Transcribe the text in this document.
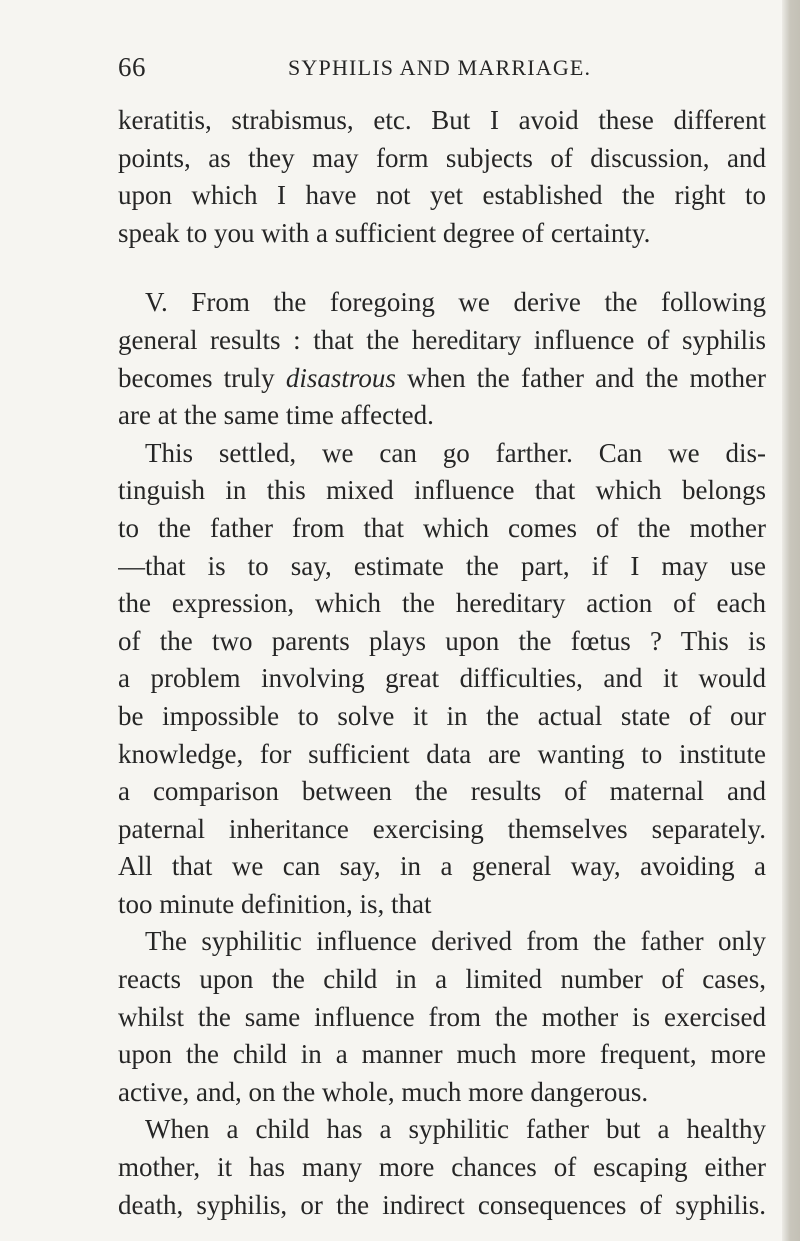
66	SYPHILIS AND MARRIAGE.
keratitis, strabismus, etc. But I avoid these different
points, as they may form subjects of discussion, and
upon which I have not yet established the right to
speak to you with a sufficient degree of certainty.
V. From the foregoing we derive the following
general results : that the hereditary influence of syphilis
becomes truly disastrous when the father and the mother
are at the same time affected.
This settled, we can go farther. Can we dis-
tinguish in this mixed influence that which belongs
to the father from that which comes of the mother
—that is to say, estimate the part, if I may use
the expression, which the hereditary action of each
of the two parents plays upon the fœtus ? This is
a problem involving great difficulties, and it would
be impossible to solve it in the actual state of our
knowledge, for sufficient data are wanting to institute
a comparison between the results of maternal and
paternal inheritance exercising themselves separately.
All that we can say, in a general way, avoiding a
too minute definition, is, that
The syphilitic influence derived from the father only
reacts upon the child in a limited number of cases,
whilst the same influence from the mother is exercised
upon the child in a manner much more frequent, more
active, and, on the whole, much more dangerous.
When a child has a syphilitic father but a healthy
mother, it has many more chances of escaping either
death, syphilis, or the indirect consequences of syphilis.
